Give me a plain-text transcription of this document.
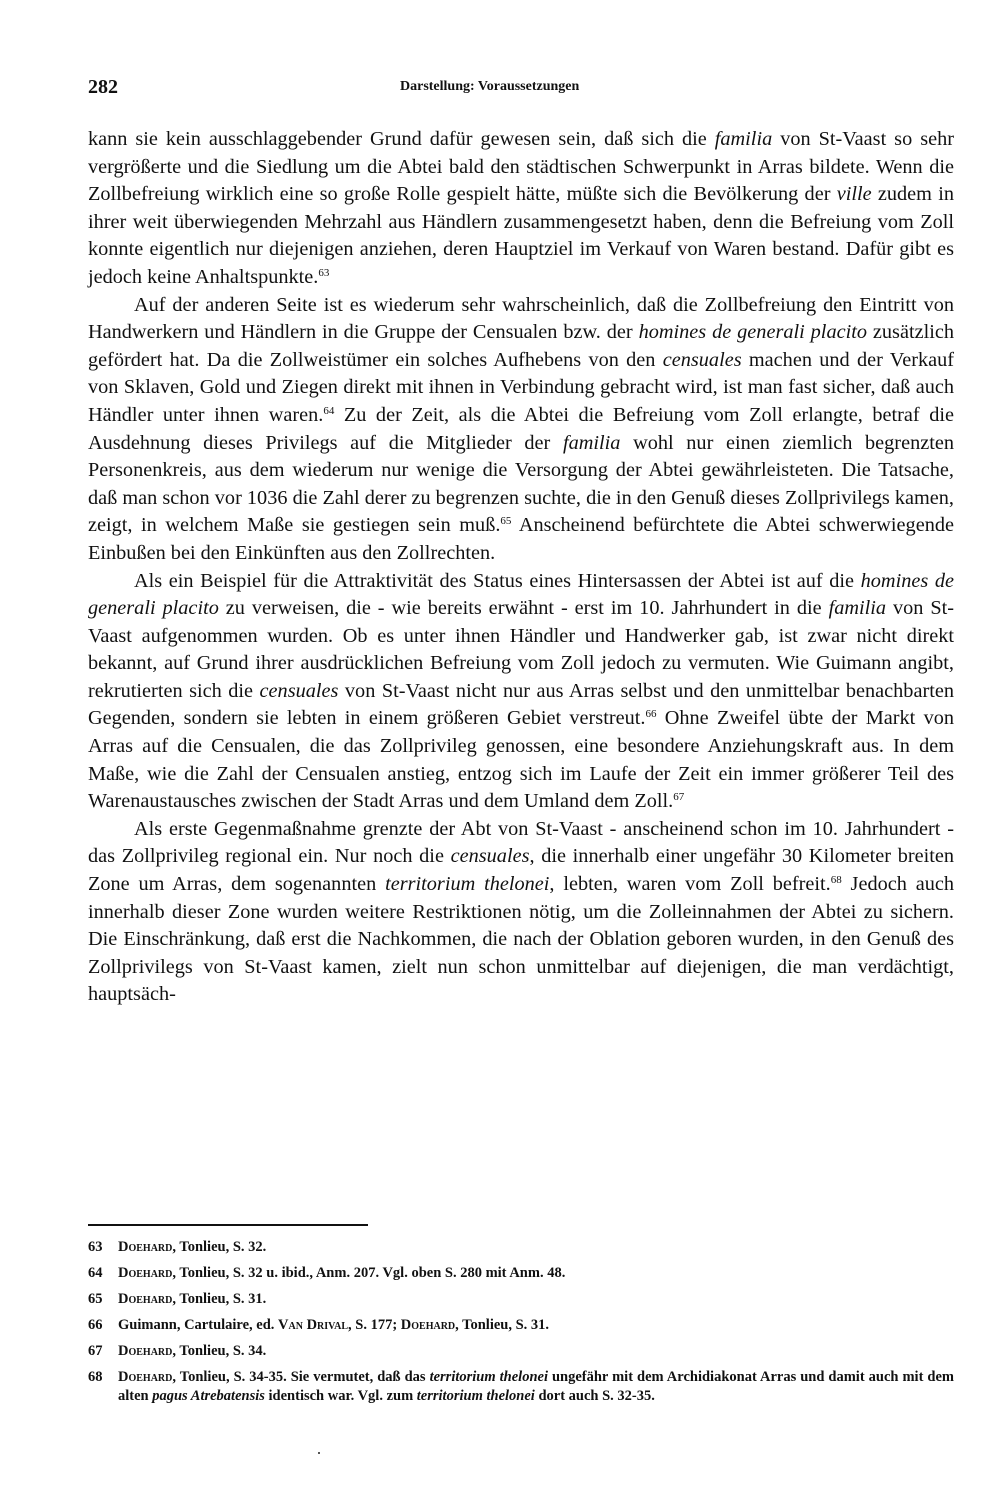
282	Darstellung: Voraussetzungen

kann sie kein ausschlaggebender Grund dafür gewesen sein, daß sich die familia von St-Vaast so sehr vergrößerte und die Siedlung um die Abtei bald den städtischen Schwerpunkt in Arras bildete. Wenn die Zollbefreiung wirklich eine so große Rolle gespielt hätte, müßte sich die Bevölkerung der ville zudem in ihrer weit überwiegenden Mehrzahl aus Händlern zusammengesetzt haben, denn die Befreiung vom Zoll konnte eigentlich nur diejenigen anziehen, deren Hauptziel im Verkauf von Waren bestand. Dafür gibt es jedoch keine Anhaltspunkte.$^{63}$

Auf der anderen Seite ist es wiederum sehr wahrscheinlich, daß die Zollbefreiung den Eintritt von Handwerkern und Händlern in die Gruppe der Censualen bzw. der homines de generali placito zusätzlich gefördert hat. Da die Zollweistümer ein solches Aufhebens von den censuales machen und der Verkauf von Sklaven, Gold und Ziegen direkt mit ihnen in Verbindung gebracht wird, ist man fast sicher, daß auch Händler unter ihnen waren.$^{64}$ Zu der Zeit, als die Abtei die Befreiung vom Zoll erlangte, betraf die Ausdehnung dieses Privilegs auf die Mitglieder der familia wohl nur einen ziemlich begrenzten Personenkreis, aus dem wiederum nur wenige die Versorgung der Abtei gewährleisteten. Die Tatsache, daß man schon vor 1036 die Zahl derer zu begrenzen suchte, die in den Genuß dieses Zollprivilegs kamen, zeigt, in welchem Maße sie gestiegen sein muß.$^{65}$ Anscheinend befürchtete die Abtei schwerwiegende Einbußen bei den Einkünften aus den Zollrechten.

Als ein Beispiel für die Attraktivität des Status eines Hintersassen der Abtei ist auf die homines de generali placito zu verweisen, die - wie bereits erwähnt - erst im 10. Jahrhundert in die familia von St-Vaast aufgenommen wurden. Ob es unter ihnen Händler und Handwerker gab, ist zwar nicht direkt bekannt, auf Grund ihrer ausdrücklichen Befreiung vom Zoll jedoch zu vermuten. Wie Guimann angibt, rekrutierten sich die censuales von St-Vaast nicht nur aus Arras selbst und den unmittelbar benachbarten Gegenden, sondern sie lebten in einem größeren Gebiet verstreut.$^{66}$ Ohne Zweifel übte der Markt von Arras auf die Censualen, die das Zollprivileg genossen, eine besondere Anziehungskraft aus. In dem Maße, wie die Zahl der Censualen anstieg, entzog sich im Laufe der Zeit ein immer größerer Teil des Warenaustausches zwischen der Stadt Arras und dem Umland dem Zoll.$^{67}$

Als erste Gegenmaßnahme grenzte der Abt von St-Vaast - anscheinend schon im 10. Jahrhundert - das Zollprivileg regional ein. Nur noch die censuales, die innerhalb einer ungefähr 30 Kilometer breiten Zone um Arras, dem sogenannten territorium thelonei, lebten, waren vom Zoll befreit.$^{68}$ Jedoch auch innerhalb dieser Zone wurden weitere Restriktionen nötig, um die Zolleinnahmen der Abtei zu sichern. Die Einschränkung, daß erst die Nachkommen, die nach der Oblation geboren wurden, in den Genuß des Zollprivilegs von St-Vaast kamen, zielt nun schon unmittelbar auf diejenigen, die man verdächtigt, hauptsäch-

63	Doehard, Tonlieu, S. 32.
64	Doehard, Tonlieu, S. 32 u. ibid., Anm. 207. Vgl. oben S. 280 mit Anm. 48.
65	Doehard, Tonlieu, S. 31.
66	Guimann, Cartulaire, ed. Van Drival, S. 177; Doehard, Tonlieu, S. 31.
67	Doehard, Tonlieu, S. 34.
68	Doehard, Tonlieu, S. 34-35. Sie vermutet, daß das territorium thelonei ungefähr mit dem Archidiakonat Arras und damit auch mit dem alten pagus Atrebatensis identisch war. Vgl. zum territorium thelonei dort auch S. 32-35.
